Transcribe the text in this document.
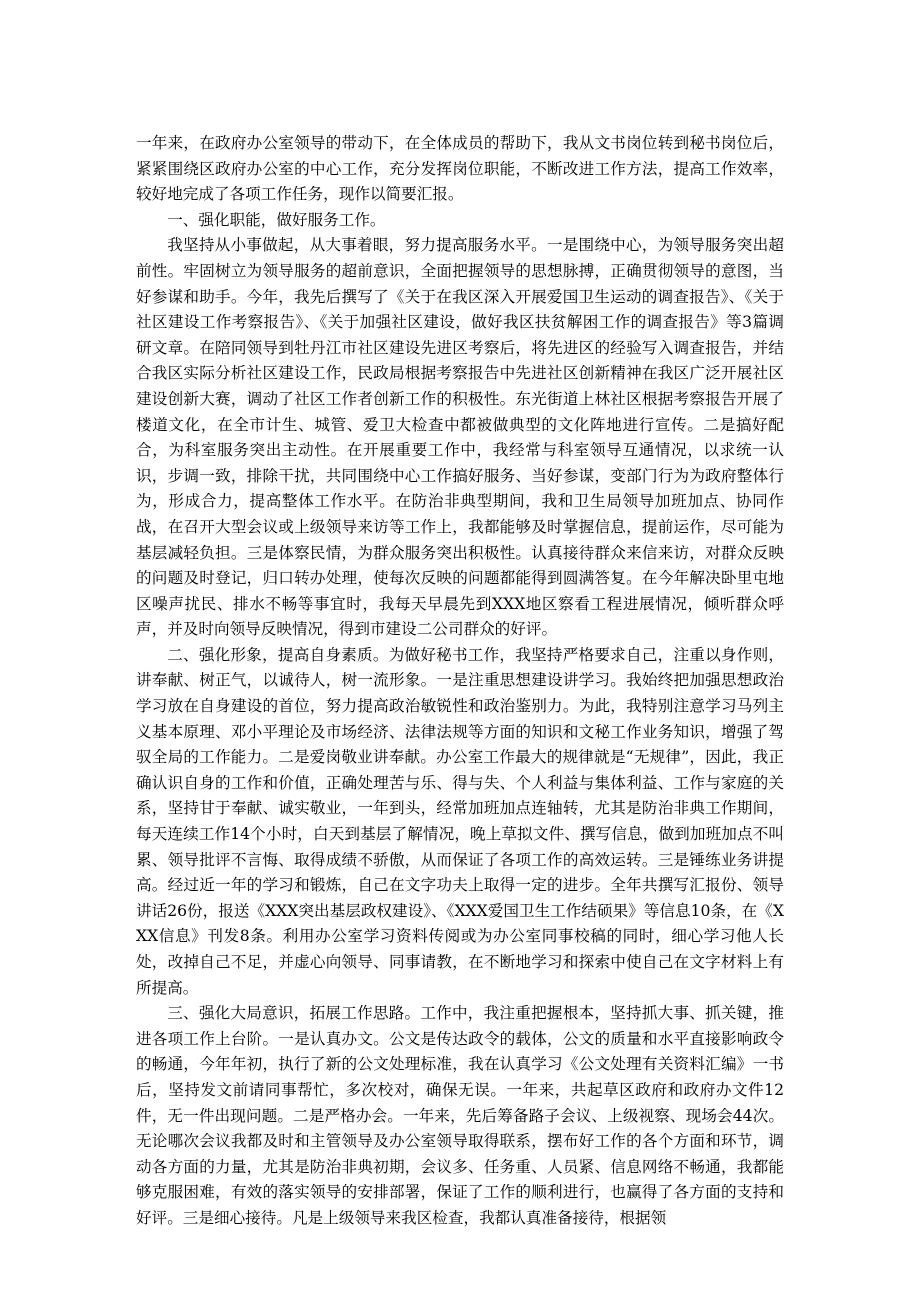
一年来，在政府办公室领导的带动下，在全体成员的帮助下，我从文书岗位转到秘书岗位后，紧紧围绕区政府办公室的中心工作，充分发挥岗位职能，不断改进工作方法，提高工作效率，较好地完成了各项工作任务，现作以简要汇报。

一、强化职能，做好服务工作。

我坚持从小事做起，从大事着眼，努力提高服务水平。一是围绕中心，为领导服务突出超前性。牢固树立为领导服务的超前意识，全面把握领导的思想脉搏，正确贯彻领导的意图，当好参谋和助手。今年，我先后撰写了《关于在我区深入开展爱国卫生运动的调查报告》、《关于社区建设工作考察报告》、《关于加强社区建设，做好我区扶贫解困工作的调查报告》等3篇调研文章。在陪同领导到牡丹江市社区建设先进区考察后，将先进区的经验写入调查报告，并结合我区实际分析社区建设工作，民政局根据考察报告中先进社区创新精神在我区广泛开展社区建设创新大赛，调动了社区工作者创新工作的积极性。东光街道上林社区根据考察报告开展了楼道文化，在全市计生、城管、爱卫大检查中都被做典型的文化阵地进行宣传。二是搞好配合，为科室服务突出主动性。在开展重要工作中，我经常与科室领导互通情况，以求统一认识，步调一致，排除干扰，共同围绕中心工作搞好服务、当好参谋，变部门行为为政府整体行为，形成合力，提高整体工作水平。在防治非典型期间，我和卫生局领导加班加点、协同作战，在召开大型会议或上级领导来访等工作上，我都能够及时掌握信息，提前运作，尽可能为基层减轻负担。三是体察民情，为群众服务突出积极性。认真接待群众来信来访，对群众反映的问题及时登记，归口转办处理，使每次反映的问题都能得到圆满答复。在今年解决卧里屯地区噪声扰民、排水不畅等事宜时，我每天早晨先到XXX地区察看工程进展情况，倾听群众呼声，并及时向领导反映情况，得到市建设二公司群众的好评。

二、强化形象，提高自身素质。为做好秘书工作，我坚持严格要求自己，注重以身作则，讲奉献、树正气，以诚待人，树一流形象。一是注重思想建设讲学习。我始终把加强思想政治学习放在自身建设的首位，努力提高政治敏锐性和政治鉴别力。为此，我特别注意学习马列主义基本原理、邓小平理论及市场经济、法律法规等方面的知识和文秘工作业务知识，增强了驾驭全局的工作能力。二是爱岗敬业讲奉献。办公室工作最大的规律就是“无规律”，因此，我正确认识自身的工作和价值，正确处理苦与乐、得与失、个人利益与集体利益、工作与家庭的关系，坚持甘于奉献、诚实敬业，一年到头，经常加班加点连轴转，尤其是防治非典工作期间，每天连续工作14个小时，白天到基层了解情况，晚上草拟文件、撰写信息，做到加班加点不叫累、领导批评不言悔、取得成绩不骄傲，从而保证了各项工作的高效运转。三是锤练业务讲提高。经过近一年的学习和锻炼，自己在文字功夫上取得一定的进步。全年共撰写汇报份、领导讲话26份，报送《XXX突出基层政权建设》、《XXX爱国卫生工作结硕果》等信息10条，在《XXX信息》刊发8条。利用办公室学习资料传阅或为办公室同事校稿的同时，细心学习他人长处，改掉自己不足，并虚心向领导、同事请教，在不断地学习和探索中使自己在文字材料上有所提高。

三、强化大局意识，拓展工作思路。工作中，我注重把握根本，坚持抓大事、抓关键，推进各项工作上台阶。一是认真办文。公文是传达政令的载体，公文的质量和水平直接影响政令的畅通，今年年初，执行了新的公文处理标准，我在认真学习《公文处理有关资料汇编》一书后，坚持发文前请同事帮忙，多次校对，确保无误。一年来，共起草区政府和政府办文件12件，无一件出现问题。二是严格办会。一年来，先后筹备路子会议、上级视察、现场会44次。无论哪次会议我都及时和主管领导及办公室领导取得联系，摆布好工作的各个方面和环节，调动各方面的力量，尤其是防治非典初期，会议多、任务重、人员紧、信息网络不畅通，我都能够克服困难，有效的落实领导的安排部署，保证了工作的顺利进行，也赢得了各方面的支持和好评。三是细心接待。凡是上级领导来我区检查，我都认真准备接待，根据领
